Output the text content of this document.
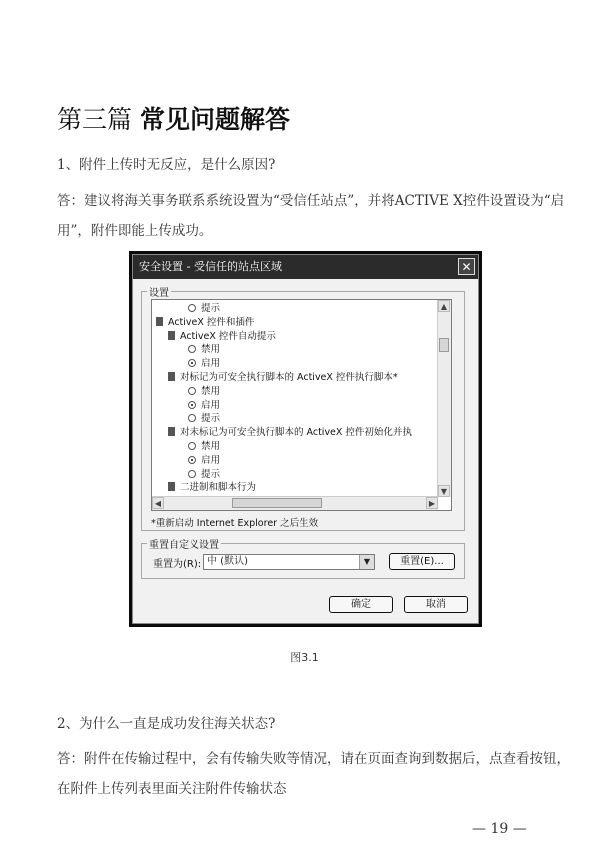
第三篇 常见问题解答
1、附件上传时无反应，是什么原因?
答：建议将海关事务联系系统设置为“受信任站点”，并将ACTIVE X控件设置设为“启
用”，附件即能上传成功。
安全设置 - 受信任的站点区域	✕
设置
提示
ActiveX 控件和插件
ActiveX 控件自动提示
禁用
启用
对标记为可安全执行脚本的 ActiveX 控件执行脚本*
禁用
启用
提示
对未标记为可安全执行脚本的 ActiveX 控件初始化并执
禁用
启用
提示
二进制和脚本行为
▲
▼
◀	▶
*重新启动 Internet Explorer 之后生效
重置自定义设置
重置为(R): 中 (默认)	▼	重置(E)...
确定	取消
图3.1
2、为什么一直是成功发往海关状态?
答：附件在传输过程中，会有传输失败等情况，请在页面查询到数据后，点查看按钮，
在附件上传列表里面关注附件传输状态
— 19 —
